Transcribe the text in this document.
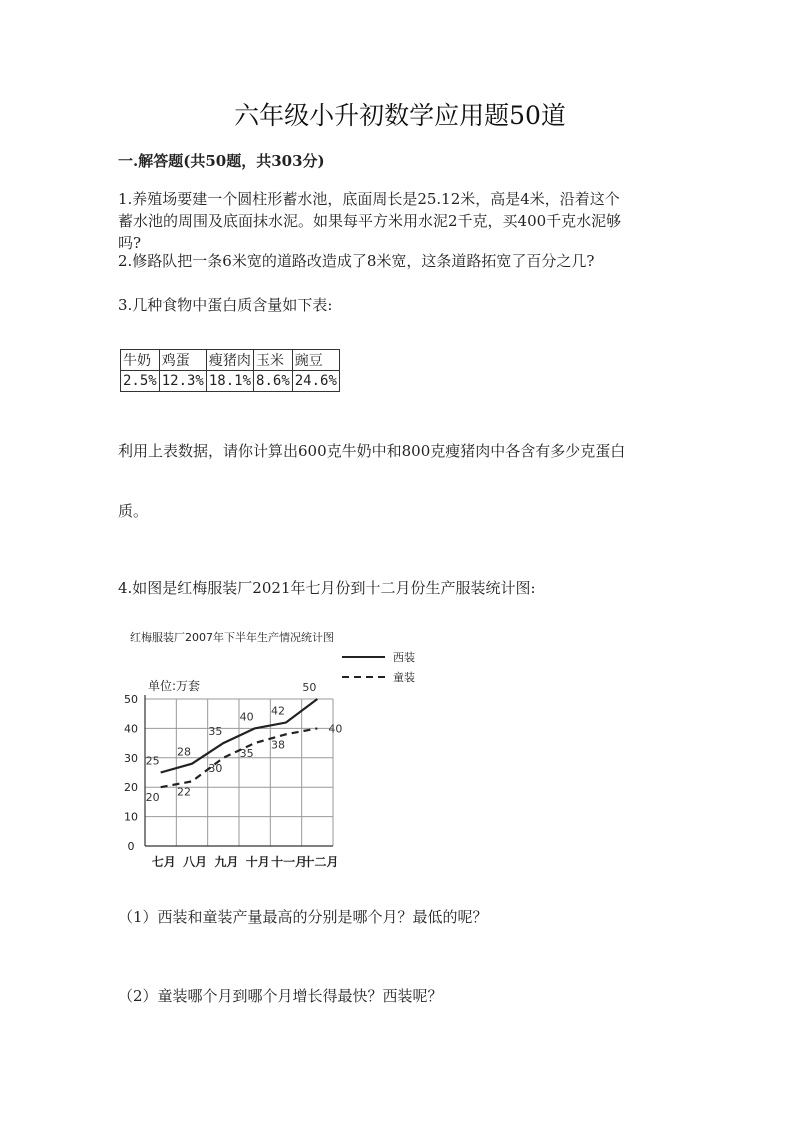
六年级小升初数学应用题50道
一.解答题(共50题，共303分)
1.养殖场要建一个圆柱形蓄水池，底面周长是25.12米，高是4米，沿着这个
蓄水池的周围及底面抹水泥。如果每平方米用水泥2千克，买400千克水泥够
吗?
2.修路队把一条6米宽的道路改造成了8米宽，这条道路拓宽了百分之几?
3.几种食物中蛋白质含量如下表:
牛奶	鸡蛋	瘦猪肉	玉米	豌豆
2.5%	12.3%	18.1%	8.6%	24.6%
利用上表数据，请你计算出600克牛奶中和800克瘦猪肉中各含有多少克蛋白
质。
4.如图是红梅服装厂2021年七月份到十二月份生产服装统计图:
红梅服装厂2007年下半年生产情况统计图
单位:万套
西装
童装
0
10
20
30
40
50
七月 八月 九月 十月 十一月
十二月
25
28
35
40 42
50
20 22
30
35
38
40
（1）西装和童装产量最高的分别是哪个月？最低的呢？
（2）童装哪个月到哪个月增长得最快？西装呢？
